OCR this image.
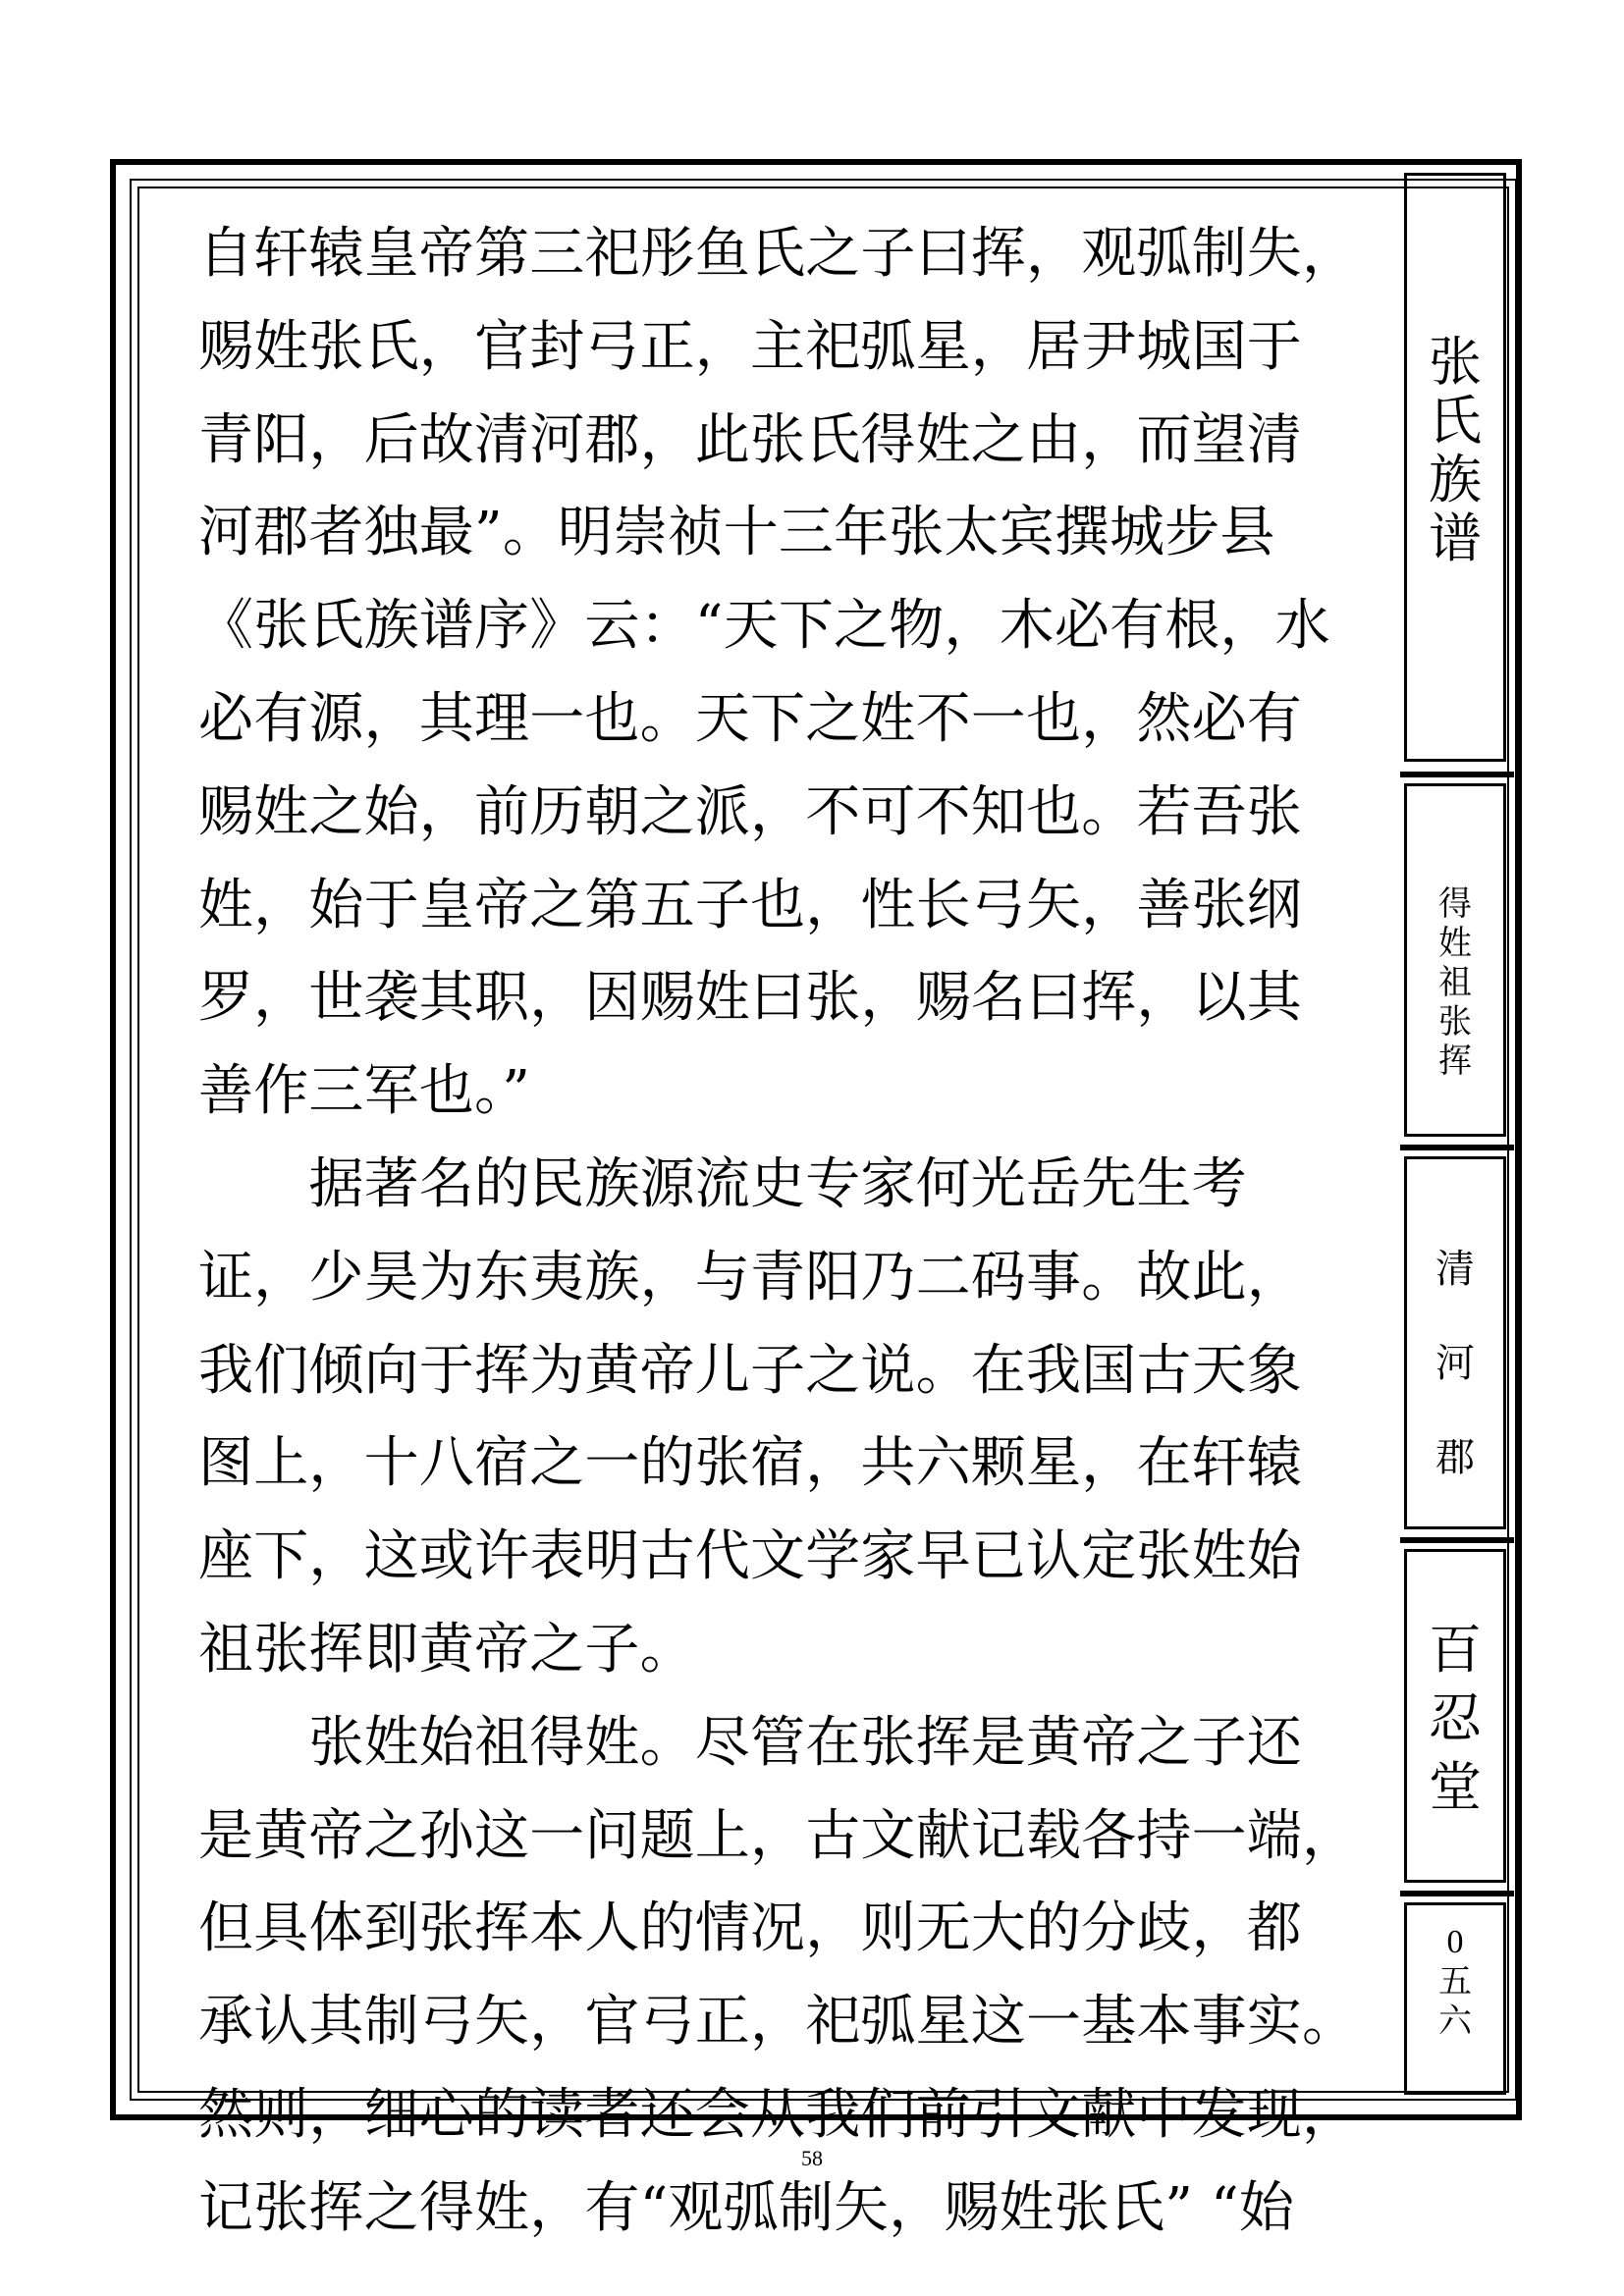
自轩辕皇帝第三祀彤鱼氏之子曰挥，观弧制失，
赐姓张氏，官封弓正，主祀弧星，居尹城国于
青阳，后故清河郡，此张氏得姓之由，而望清
河郡者独最”。明崇祯十三年张太宾撰城步县
《张氏族谱序》云：“天下之物，木必有根，水
必有源，其理一也。天下之姓不一也，然必有
赐姓之始，前历朝之派，不可不知也。若吾张
姓，始于皇帝之第五子也，性长弓矢，善张纲
罗，世袭其职，因赐姓曰张，赐名曰挥，以其
善作三军也。”
　　据著名的民族源流史专家何光岳先生考
证，少昊为东夷族，与青阳乃二码事。故此，
我们倾向于挥为黄帝儿子之说。在我国古天象
图上，十八宿之一的张宿，共六颗星，在轩辕
座下，这或许表明古代文学家早已认定张姓始
祖张挥即黄帝之子。
　　张姓始祖得姓。尽管在张挥是黄帝之子还
是黄帝之孙这一问题上，古文献记载各持一端，
但具体到张挥本人的情况，则无大的分歧，都
承认其制弓矢，官弓正，祀弧星这一基本事实。
然则，细心的读者还会从我们前引文献中发现，
记张挥之得姓，有“观弧制矢，赐姓张氏” “始
张
氏
族
谱
得
姓
祖
张
挥
清
河
郡
百
忍
堂
0
五
六
58
